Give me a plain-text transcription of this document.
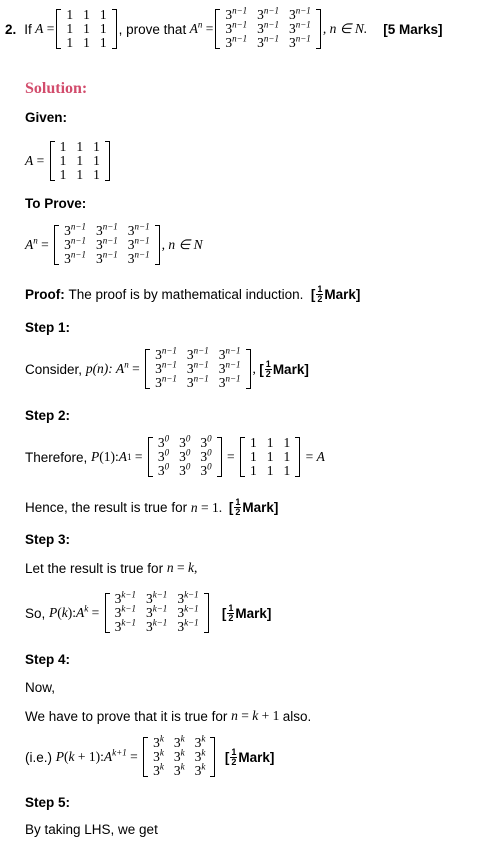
2. If A =
1	1	1
1	1	1
1	1	1
, prove that $A^n$ =
$3^{n-1}$	$3^{n-1}$	$3^{n-1}$
$3^{n-1}$	$3^{n-1}$	$3^{n-1}$
$3^{n-1}$	$3^{n-1}$	$3^{n-1}$
, n ∈ N. [5 Marks]
Solution:
Given:
A =
1	1	1
1	1	1
1	1	1
To Prove:
$A^n$ =
$3^{n-1}$	$3^{n-1}$	$3^{n-1}$
$3^{n-1}$	$3^{n-1}$	$3^{n-1}$
$3^{n-1}$	$3^{n-1}$	$3^{n-1}$
, n ∈ N
Proof:
The proof is by mathematical induction.
[ $\frac{1}{2}$ Mark]
Step 1:
Consider,
p(n): $A^n$ =
$3^{n-1}$	$3^{n-1}$	$3^{n-1}$
$3^{n-1}$	$3^{n-1}$	$3^{n-1}$
$3^{n-1}$	$3^{n-1}$	$3^{n-1}$
, [ $\frac{1}{2}$ Mark]
Step 2:
Therefore,
P (1): A 1 =
$3^0$	$3^0$	$3^0$
$3^0$	$3^0$	$3^0$
$3^0$	$3^0$	$3^0$
=
1	1	1
1	1	1
1	1	1
= A
Hence, the result is true for
n = 1. [ $\frac{1}{2}$ Mark]
Step 3:
Let the result is true for
n = k ,
So,
P ( k ): $A^k$ =
$3^{k-1}$	$3^{k-1}$	$3^{k-1}$
$3^{k-1}$	$3^{k-1}$	$3^{k-1}$
$3^{k-1}$	$3^{k-1}$	$3^{k-1}$

[ $\frac{1}{2}$ Mark]
Step 4:
Now,
We have to prove that it is true for
n = k + 1 also.
(i.e.)
P ( k + 1) : $A^{k+1}$ =
3$^k$	3$^k$	3$^k$
3$^k$	3$^k$	3$^k$
3$^k$	3$^k$	3$^k$

[ $\frac{1}{2}$ Mark]
Step 5:
By taking LHS, we get
